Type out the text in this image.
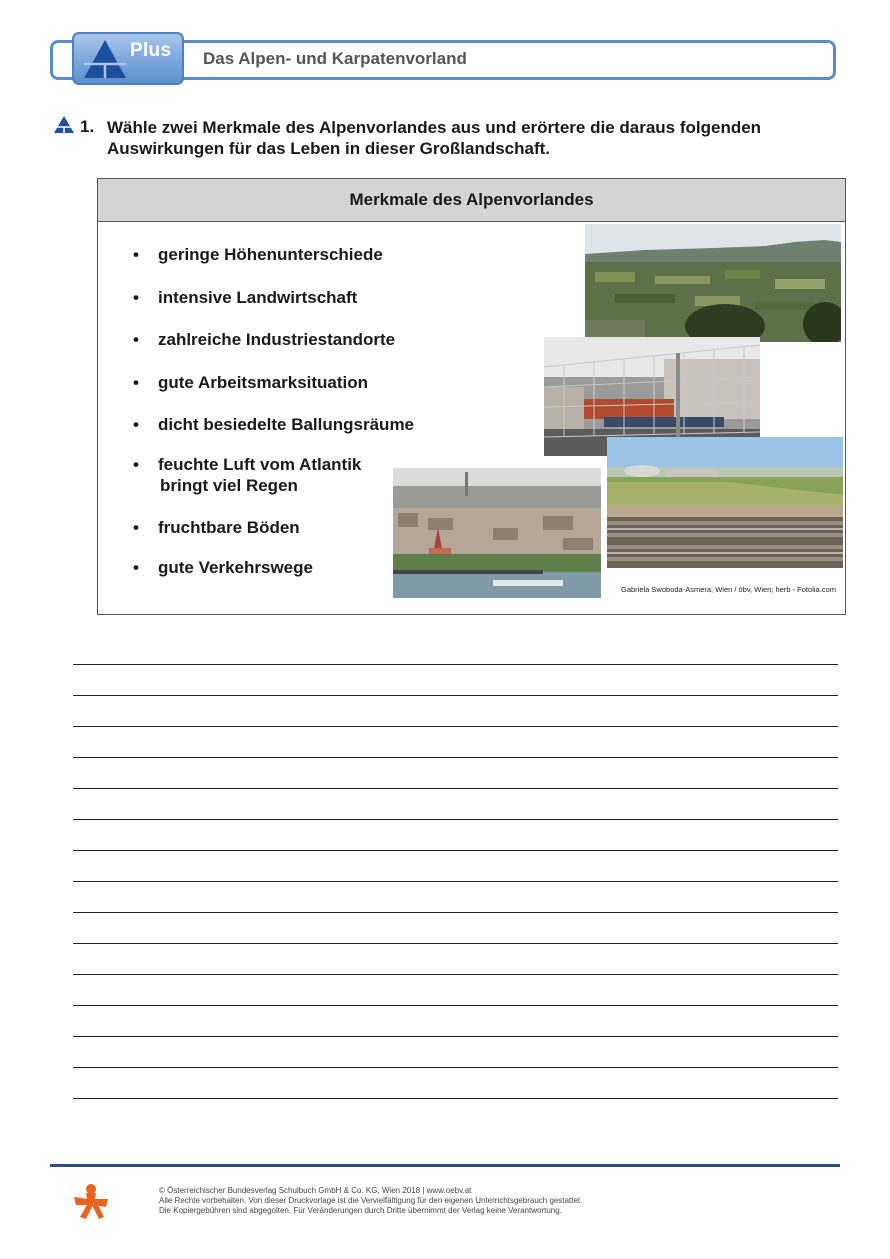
Plus Das Alpen- und Karpatenvorland
1. Wähle zwei Merkmale des Alpenvorlandes aus und erörtere die daraus folgenden Auswirkungen für das Leben in dieser Großlandschaft.
Merkmale des Alpenvorlandes
• geringe Höhenunterschiede
• intensive Landwirtschaft
• zahlreiche Industriestandorte
• gute Arbeitsmarksituation
• dicht besiedelte Ballungsräume
• feuchte Luft vom Atlantik
bringt viel Regen
• fruchtbare Böden
• gute Verkehrswege
Gabriela Swoboda-Asmera, Wien / öbv, Wien; herb - Fotolia.com
© Österreichischer Bundesverlag Schulbuch GmbH & Co. KG, Wien 2018 | www.oebv.at
Alle Rechte vorbehalten. Von dieser Druckvorlage ist die Vervielfältigung für den eigenen Unterrichtsgebrauch gestattet.
Die Kopiergebühren sind abgegolten. Für Veränderungen durch Dritte übernimmt der Verlag keine Verantwortung.
